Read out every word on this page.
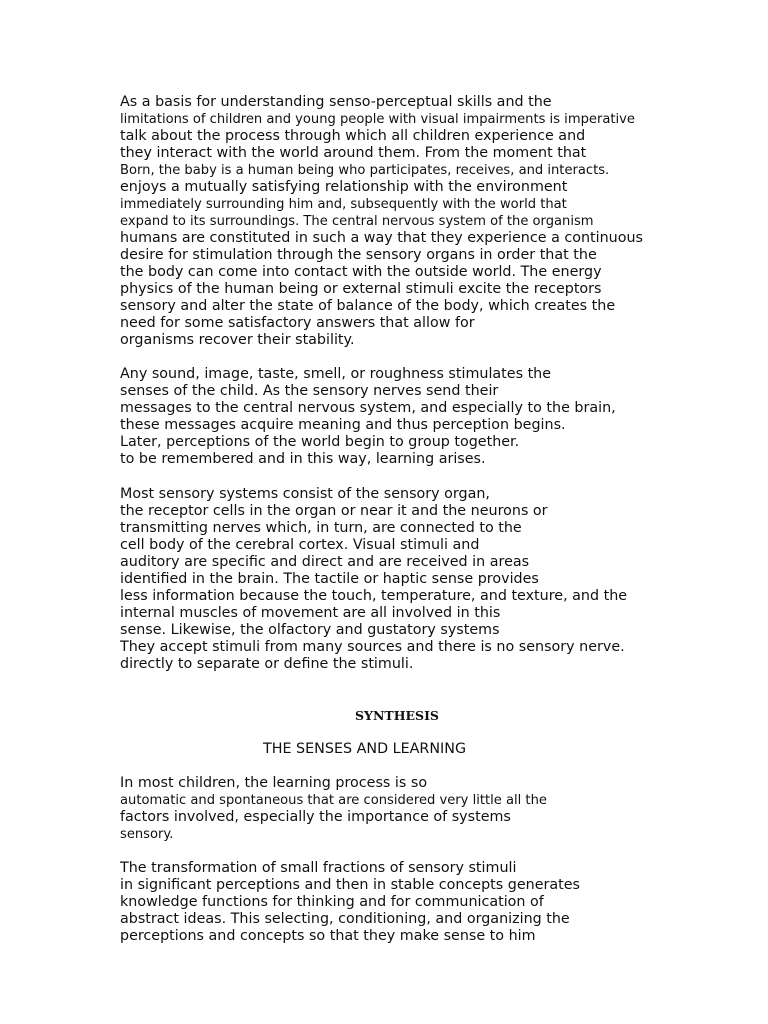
As a basis for understanding senso-perceptual skills and the
limitations of children and young people with visual impairments is imperative
talk about the process through which all children experience and
they interact with the world around them. From the moment that
Born, the baby is a human being who participates, receives, and interacts.
enjoys a mutually satisfying relationship with the environment
immediately surrounding him and, subsequently with the world that
expand to its surroundings. The central nervous system of the organism
humans are constituted in such a way that they experience a continuous
desire for stimulation through the sensory organs in order that the
the body can come into contact with the outside world. The energy
physics of the human being or external stimuli excite the receptors
sensory and alter the state of balance of the body, which creates the
need for some satisfactory answers that allow for
organisms recover their stability.
Any sound, image, taste, smell, or roughness stimulates the
senses of the child. As the sensory nerves send their
messages to the central nervous system, and especially to the brain,
these messages acquire meaning and thus perception begins.
Later, perceptions of the world begin to group together.
to be remembered and in this way, learning arises.
Most sensory systems consist of the sensory organ,
the receptor cells in the organ or near it and the neurons or
transmitting nerves which, in turn, are connected to the
cell body of the cerebral cortex. Visual stimuli and
auditory are specific and direct and are received in areas
identified in the brain. The tactile or haptic sense provides
less information because the touch, temperature, and texture, and the
internal muscles of movement are all involved in this
sense. Likewise, the olfactory and gustatory systems
They accept stimuli from many sources and there is no sensory nerve.
directly to separate or define the stimuli.
SYNTHESIS
THE SENSES AND LEARNING
In most children, the learning process is so
automatic and spontaneous that are considered very little all the
factors involved, especially the importance of systems
sensory.
The transformation of small fractions of sensory stimuli
in significant perceptions and then in stable concepts generates
knowledge functions for thinking and for communication of
abstract ideas. This selecting, conditioning, and organizing the
perceptions and concepts so that they make sense to him
